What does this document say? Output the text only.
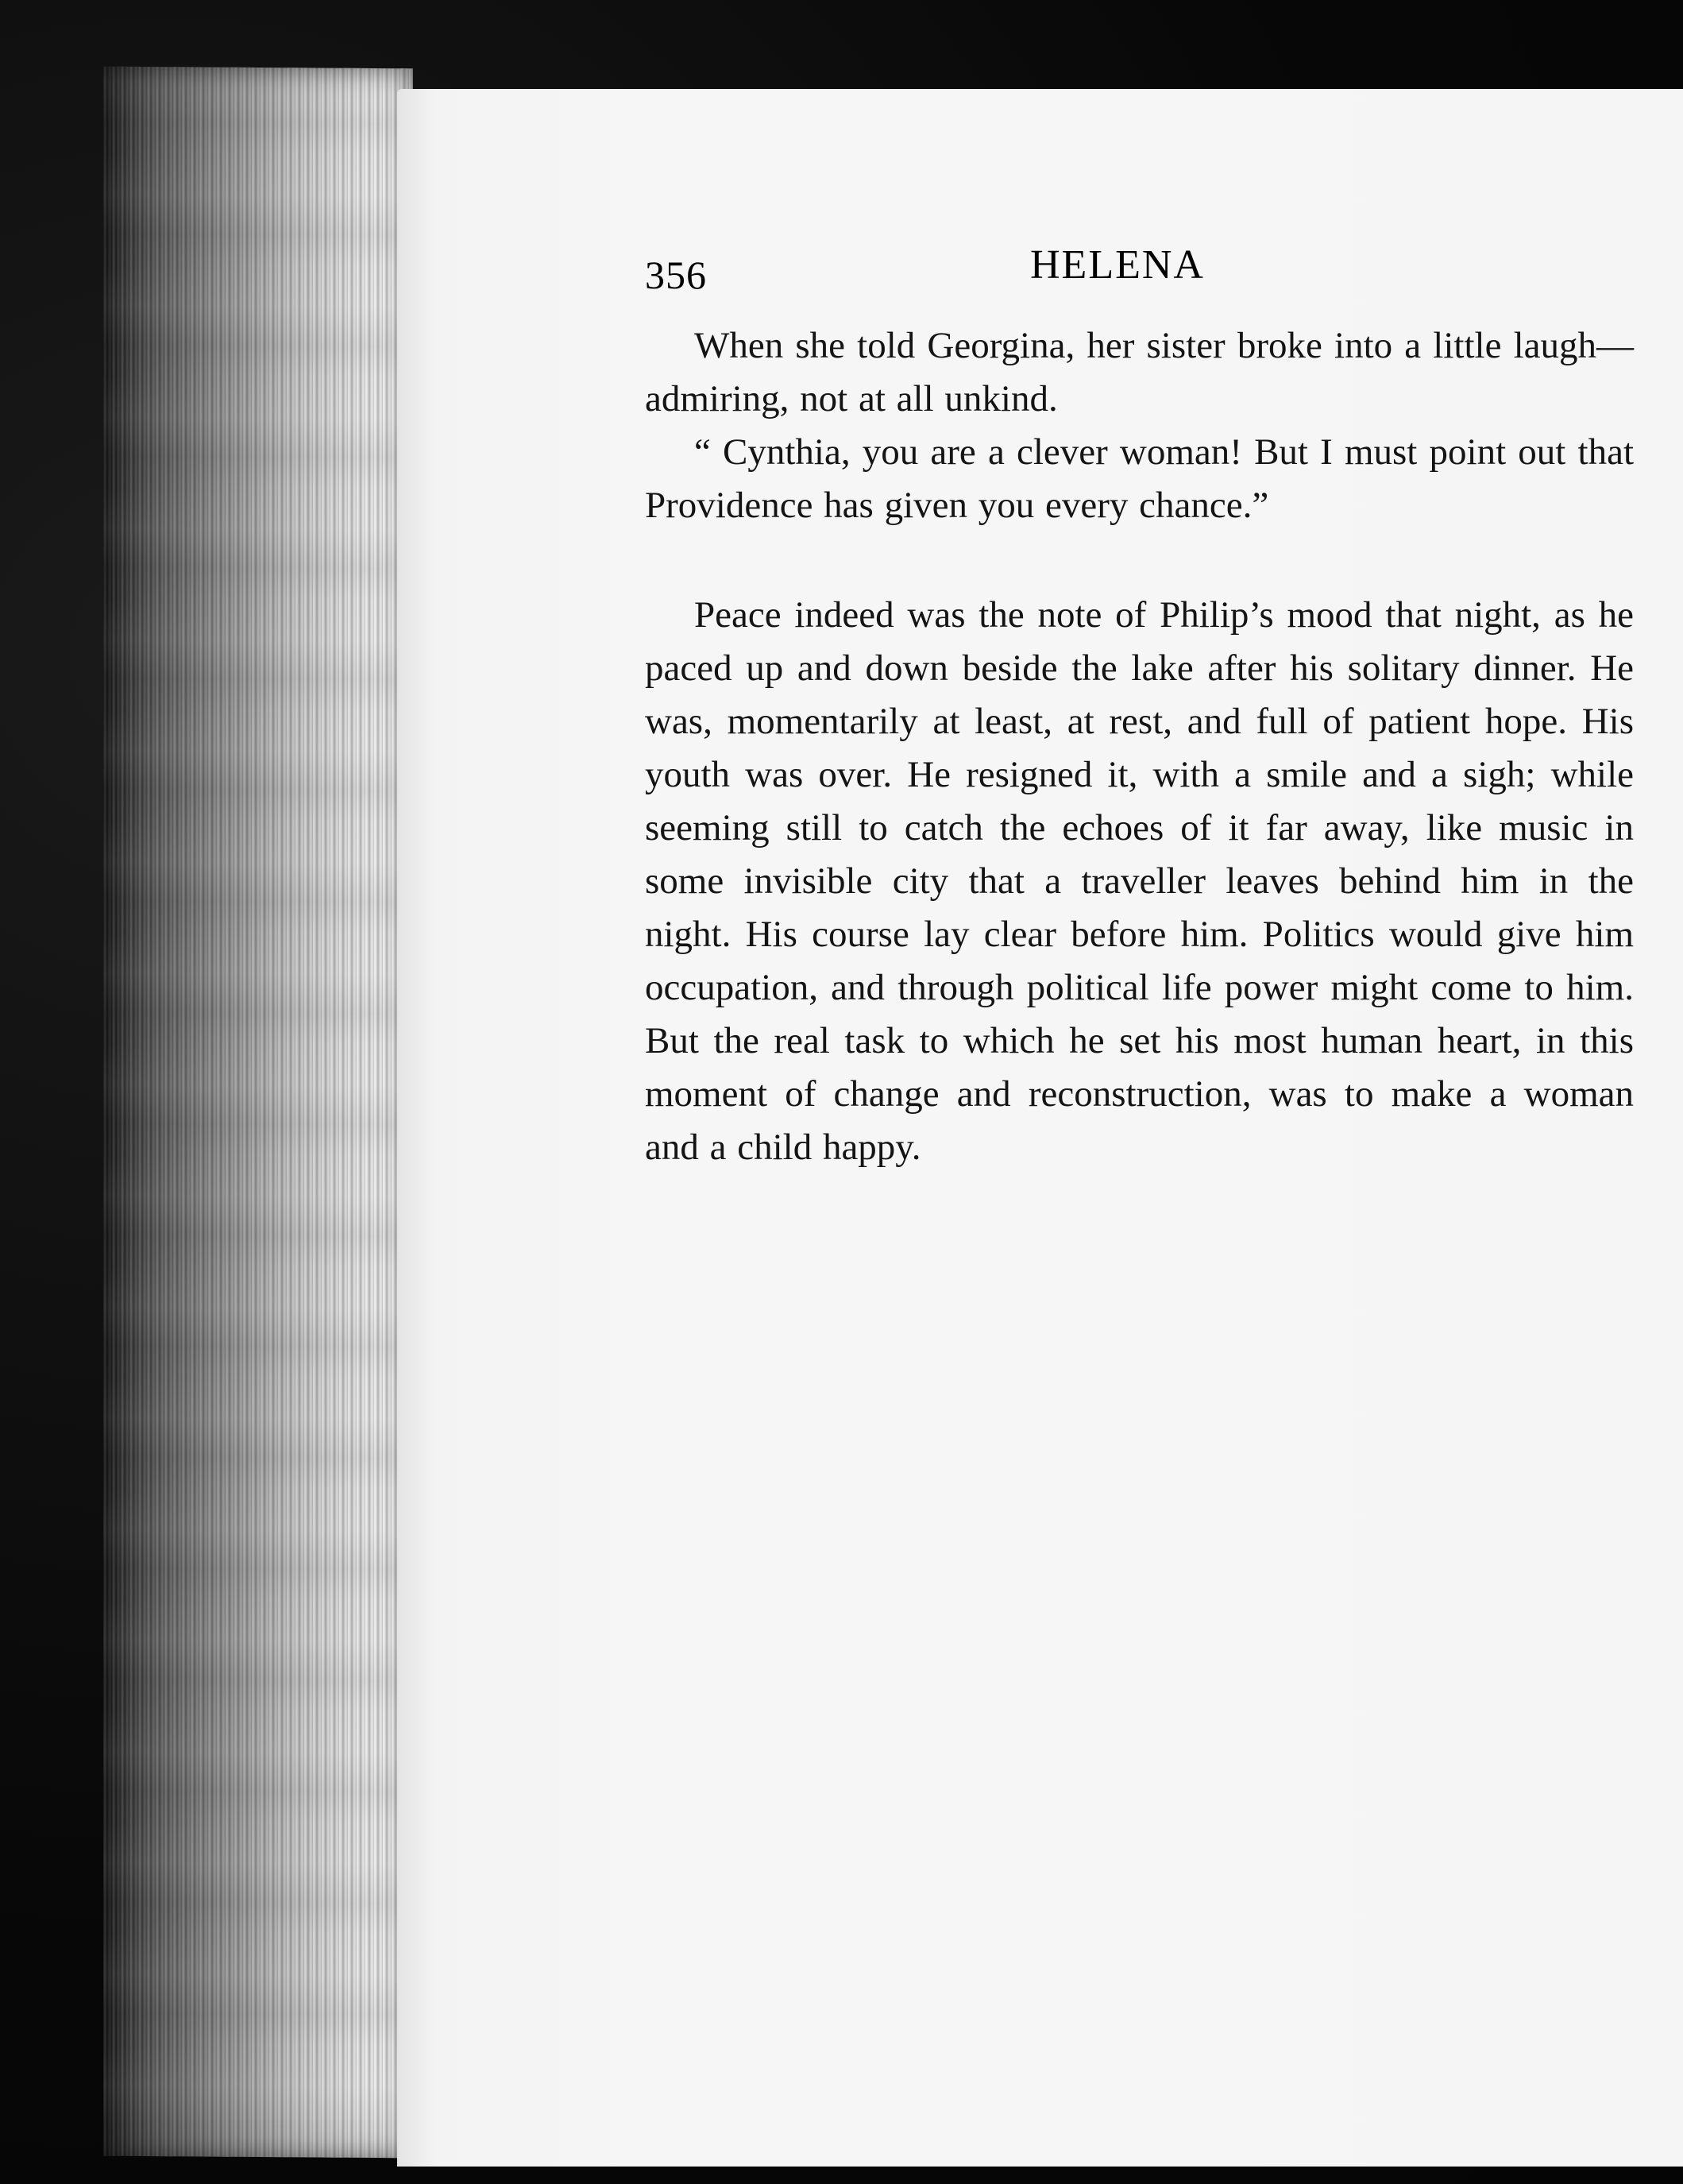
356	HELENA

When she told Georgina, her sister broke into a little laugh—admiring, not at all unkind.

“ Cynthia, you are a clever woman! But I must point out that Providence has given you every chance.”

Peace indeed was the note of Philip’s mood that night, as he paced up and down beside the lake after his solitary dinner. He was, momentarily at least, at rest, and full of patient hope. His youth was over. He resigned it, with a smile and a sigh; while seeming still to catch the echoes of it far away, like music in some invisible city that a traveller leaves behind him in the night. His course lay clear before him. Politics would give him occupation, and through political life power might come to him. But the real task to which he set his most human heart, in this moment of change and reconstruction, was to make a woman and a child happy.
